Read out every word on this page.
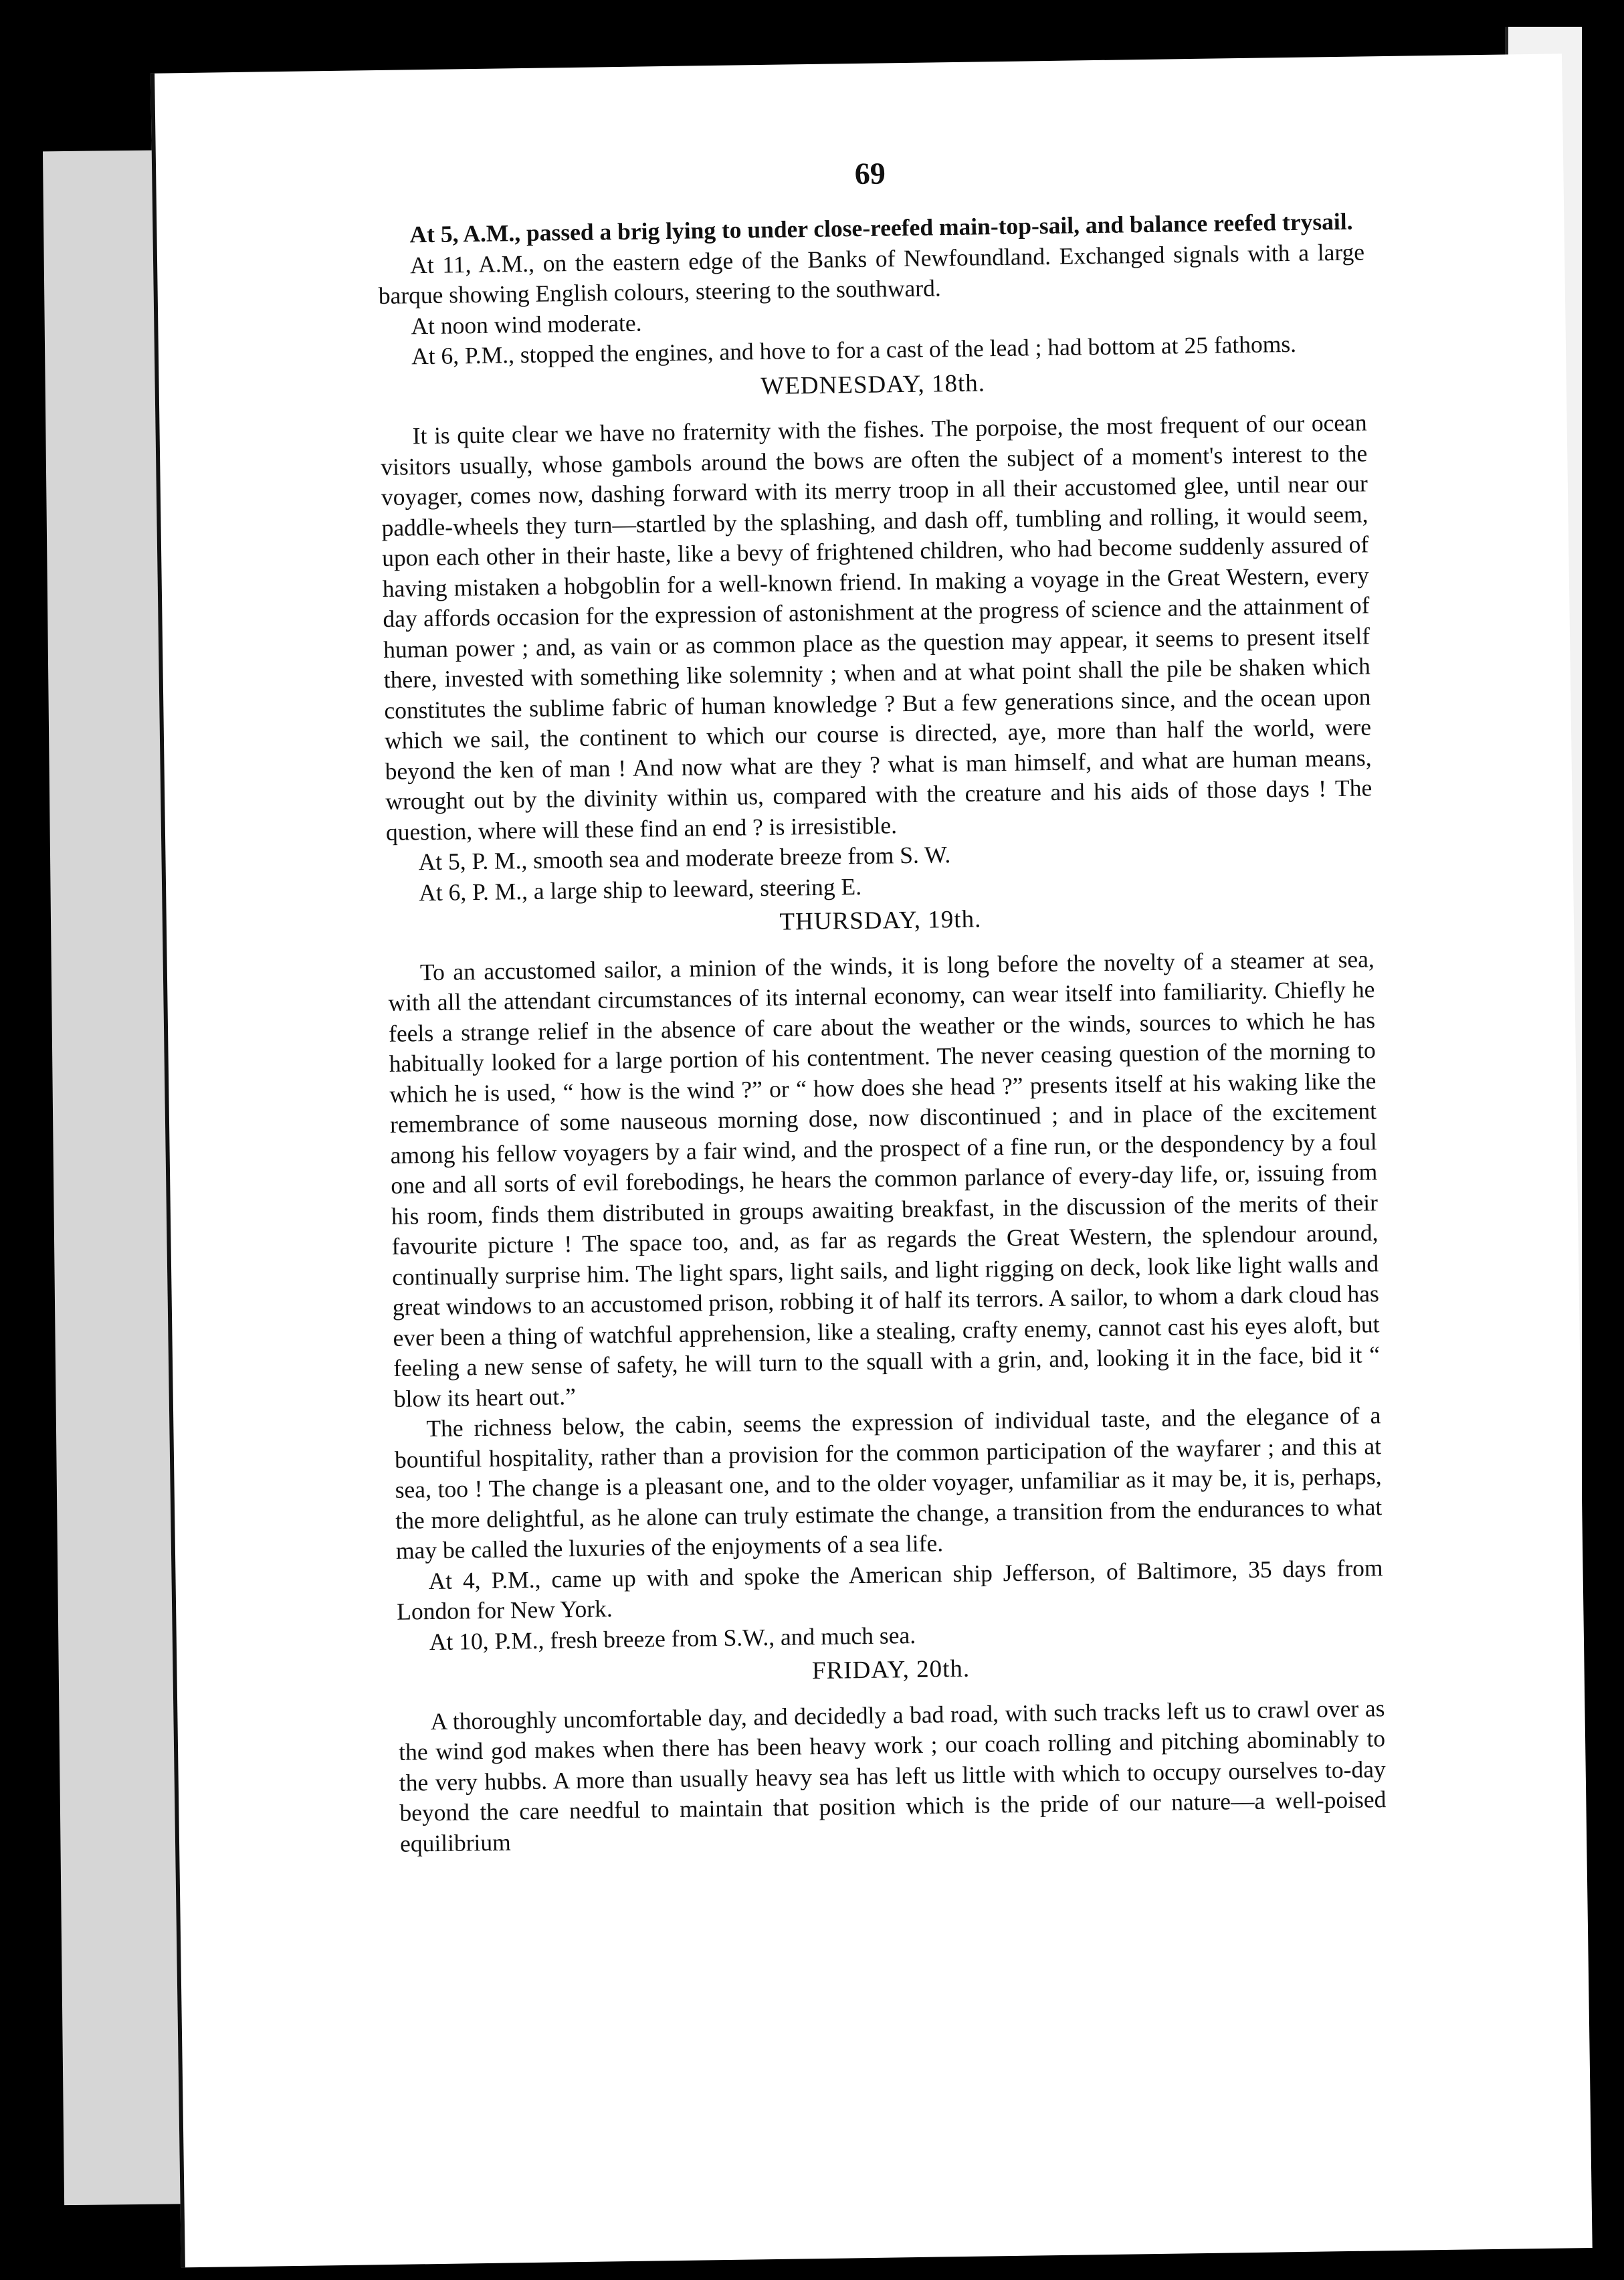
69

At 5, A.M., passed a brig lying to under close-reefed main-top-sail, and balance reefed trysail.

At 11, A.M., on the eastern edge of the Banks of Newfoundland. Exchanged signals with a large barque showing English colours, steering to the southward.

At noon wind moderate.

At 6, P.M., stopped the engines, and hove to for a cast of the lead ; had bottom at 25 fathoms.

WEDNESDAY, 18th.

It is quite clear we have no fraternity with the fishes. The porpoise, the most frequent of our ocean visitors usually, whose gambols around the bows are often the subject of a moment's interest to the voyager, comes now, dashing forward with its merry troop in all their accustomed glee, until near our paddle-wheels they turn—startled by the splashing, and dash off, tumbling and rolling, it would seem, upon each other in their haste, like a bevy of frightened children, who had become suddenly assured of having mistaken a hobgoblin for a well-known friend. In making a voyage in the Great Western, every day affords occasion for the expression of astonishment at the progress of science and the attainment of human power ; and, as vain or as common place as the question may appear, it seems to present itself there, invested with something like solemnity ; when and at what point shall the pile be shaken which constitutes the sublime fabric of human knowledge ? But a few generations since, and the ocean upon which we sail, the continent to which our course is directed, aye, more than half the world, were beyond the ken of man ! And now what are they ? what is man himself, and what are human means, wrought out by the divinity within us, compared with the creature and his aids of those days ! The question, where will these find an end ? is irresistible.

At 5, P. M., smooth sea and moderate breeze from S. W.

At 6, P. M., a large ship to leeward, steering E.

THURSDAY, 19th.

To an accustomed sailor, a minion of the winds, it is long before the novelty of a steamer at sea, with all the attendant circumstances of its internal economy, can wear itself into familiarity. Chiefly he feels a strange relief in the absence of care about the weather or the winds, sources to which he has habitually looked for a large portion of his contentment. The never ceasing question of the morning to which he is used, “ how is the wind ?” or “ how does she head ?” presents itself at his waking like the remembrance of some nauseous morning dose, now discontinued ; and in place of the excitement among his fellow voyagers by a fair wind, and the prospect of a fine run, or the despondency by a foul one and all sorts of evil forebodings, he hears the common parlance of every-day life, or, issuing from his room, finds them distributed in groups awaiting breakfast, in the discussion of the merits of their favourite picture ! The space too, and, as far as regards the Great Western, the splendour around, continually surprise him. The light spars, light sails, and light rigging on deck, look like light walls and great windows to an accustomed prison, robbing it of half its terrors. A sailor, to whom a dark cloud has ever been a thing of watchful apprehension, like a stealing, crafty enemy, cannot cast his eyes aloft, but feeling a new sense of safety, he will turn to the squall with a grin, and, looking it in the face, bid it “ blow its heart out.”

The richness below, the cabin, seems the expression of individual taste, and the elegance of a bountiful hospitality, rather than a provision for the common participation of the wayfarer ; and this at sea, too ! The change is a pleasant one, and to the older voyager, unfamiliar as it may be, it is, perhaps, the more delightful, as he alone can truly estimate the change, a transition from the endurances to what may be called the luxuries of the enjoyments of a sea life.

At 4, P.M., came up with and spoke the American ship Jefferson, of Baltimore, 35 days from London for New York.

At 10, P.M., fresh breeze from S.W., and much sea.

FRIDAY, 20th.

A thoroughly uncomfortable day, and decidedly a bad road, with such tracks left us to crawl over as the wind god makes when there has been heavy work ; our coach rolling and pitching abominably to the very hubbs. A more than usually heavy sea has left us little with which to occupy ourselves to-day beyond the care needful to maintain that position which is the pride of our nature—a well-poised equilibrium
